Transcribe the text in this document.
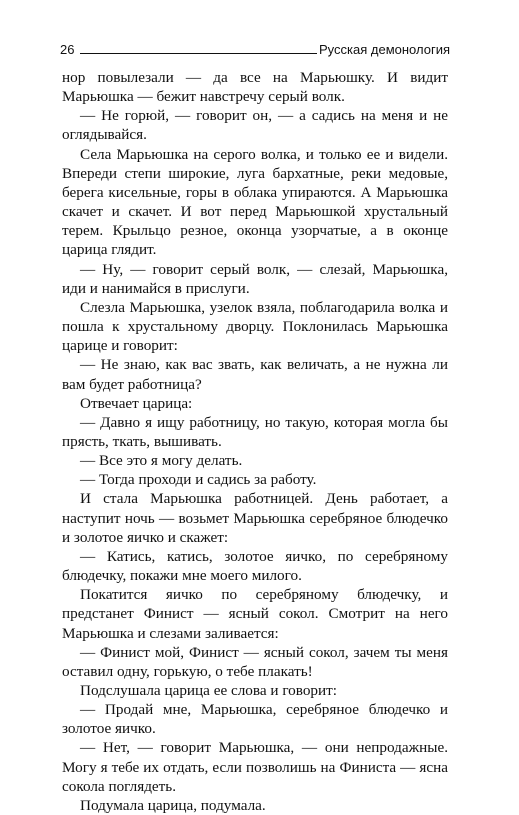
26	Русская демонология

нор повылезали — да все на Марьюшку. И видит Марьюшка — бежит навстречу серый волк.

— Не горюй, — говорит он, — а садись на меня и не оглядывайся.

Села Марьюшка на серого волка, и только ее и видели. Впереди степи широкие, луга бархатные, реки медовые, берега кисельные, горы в облака упираются. А Марьюшка скачет и скачет. И вот перед Марьюшкой хрустальный терем. Крыльцо резное, оконца узорчатые, а в оконце царица глядит.

— Ну, — говорит серый волк, — слезай, Марьюшка, иди и нанимайся в прислуги.

Слезла Марьюшка, узелок взяла, поблагодарила волка и пошла к хрустальному дворцу. Поклонилась Марьюшка царице и говорит:

— Не знаю, как вас звать, как величать, а не нужна ли вам будет работница?

Отвечает царица:

— Давно я ищу работницу, но такую, которая могла бы прясть, ткать, вышивать.

— Все это я могу делать.

— Тогда проходи и садись за работу.

И стала Марьюшка работницей. День работает, а наступит ночь — возьмет Марьюшка серебряное блюдечко и золотое яичко и скажет:

— Катись, катись, золотое яичко, по серебряному блюдечку, покажи мне моего милого.

Покатится яичко по серебряному блюдечку, и предстанет Финист — ясный сокол. Смотрит на него Марьюшка и слезами заливается:

— Финист мой, Финист — ясный сокол, зачем ты меня оставил одну, горькую, о тебе плакать!

Подслушала царица ее слова и говорит:

— Продай мне, Марьюшка, серебряное блюдечко и золотое яичко.

— Нет, — говорит Марьюшка, — они непродажные. Могу я тебе их отдать, если позволишь на Финиста — ясна сокола поглядеть.

Подумала царица, подумала.
